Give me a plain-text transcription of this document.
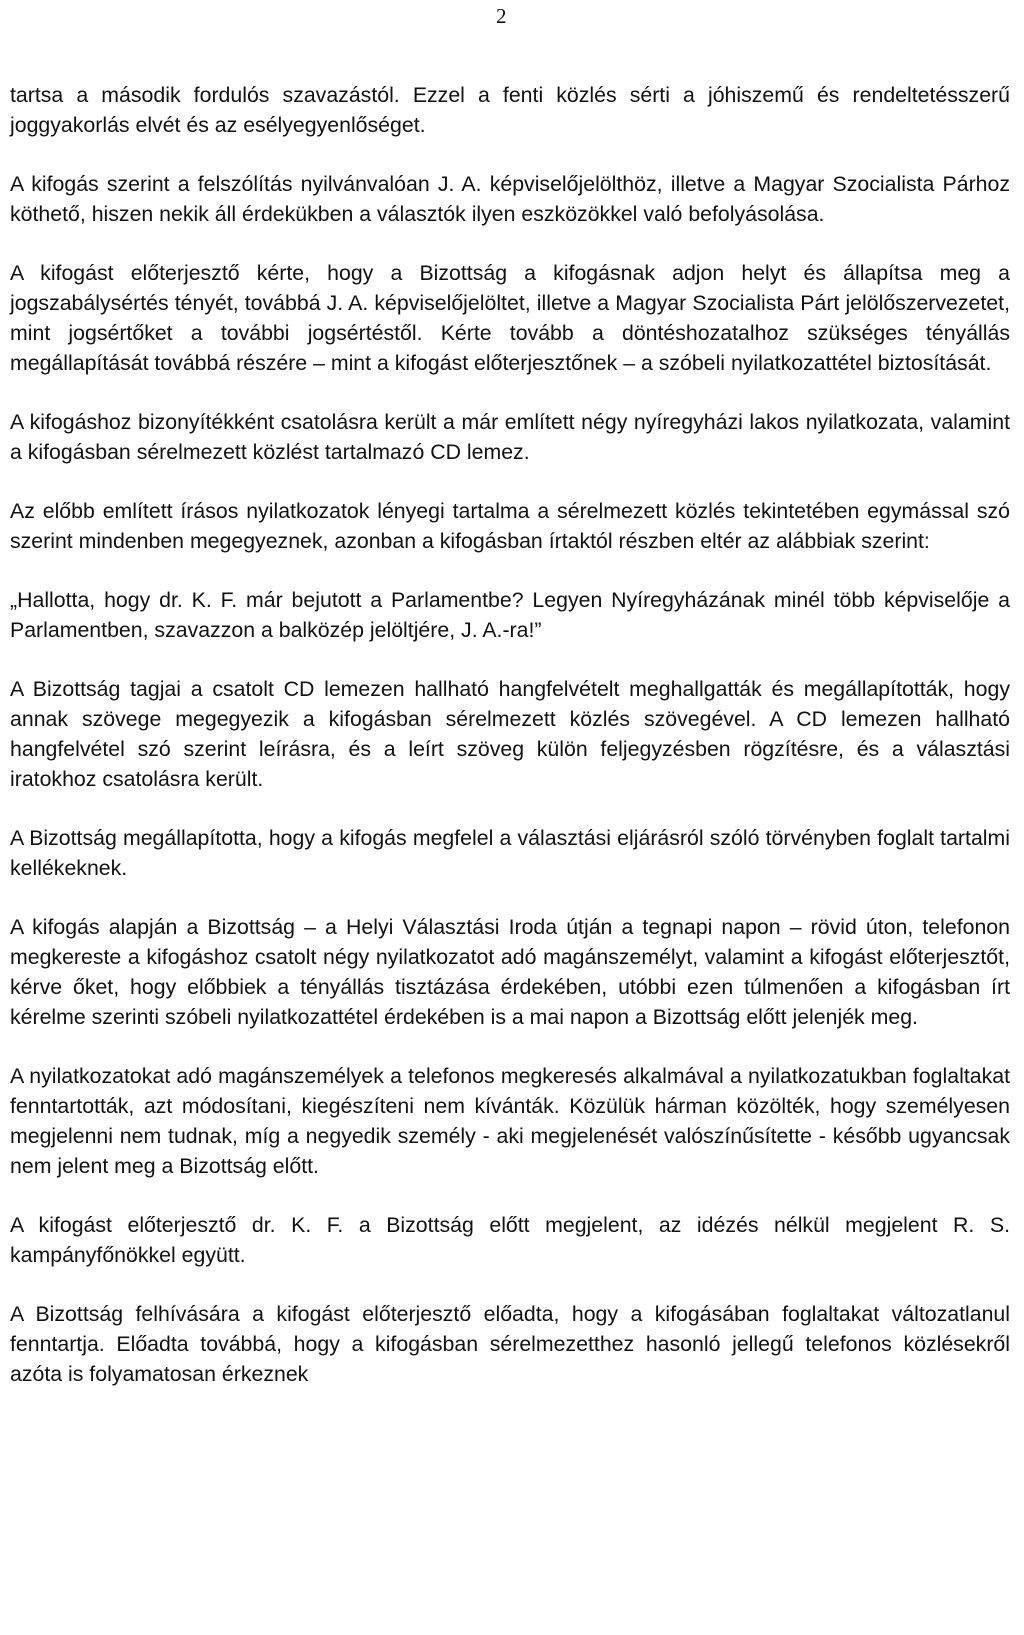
2

tartsa a második fordulós szavazástól. Ezzel a fenti közlés sérti a jóhiszemű és rendeltetésszerű joggyakorlás elvét és az esélyegyenlőséget.

A kifogás szerint a felszólítás nyilvánvalóan J. A. képviselőjelölthöz, illetve a Magyar Szocialista Párhoz köthető, hiszen nekik áll érdekükben a választók ilyen eszközökkel való befolyásolása.

A kifogást előterjesztő kérte, hogy a Bizottság a kifogásnak adjon helyt és állapítsa meg a jogszabálysértés tényét, továbbá J. A. képviselőjelöltet, illetve a Magyar Szocialista Párt jelölőszervezetet, mint jogsértőket a további jogsértéstől. Kérte tovább a döntéshozatalhoz szükséges tényállás megállapítását továbbá részére – mint a kifogást előterjesztőnek – a szóbeli nyilatkozattétel biztosítását.

A kifogáshoz bizonyítékként csatolásra került a már említett négy nyíregyházi lakos nyilatkozata, valamint a kifogásban sérelmezett közlést tartalmazó CD lemez.

Az előbb említett írásos nyilatkozatok lényegi tartalma a sérelmezett közlés tekintetében egymással szó szerint mindenben megegyeznek, azonban a kifogásban írtaktól részben eltér az alábbiak szerint:

„Hallotta, hogy dr. K. F. már bejutott a Parlamentbe? Legyen Nyíregyházának minél több képviselője a Parlamentben, szavazzon a balközép jelöltjére, J. A.-ra!”

A Bizottság tagjai a csatolt CD lemezen hallható hangfelvételt meghallgatták és megállapították, hogy annak szövege megegyezik a kifogásban sérelmezett közlés szövegével. A CD lemezen hallható hangfelvétel szó szerint leírásra, és a leírt szöveg külön feljegyzésben rögzítésre, és a választási iratokhoz csatolásra került.

A Bizottság megállapította, hogy a kifogás megfelel a választási eljárásról szóló törvényben foglalt tartalmi kellékeknek.

A kifogás alapján a Bizottság – a Helyi Választási Iroda útján a tegnapi napon – rövid úton, telefonon megkereste a kifogáshoz csatolt négy nyilatkozatot adó magánszemélyt, valamint a kifogást előterjesztőt, kérve őket, hogy előbbiek a tényállás tisztázása érdekében, utóbbi ezen túlmenően a kifogásban írt kérelme szerinti szóbeli nyilatkozattétel érdekében is a mai napon a Bizottság előtt jelenjék meg.

A nyilatkozatokat adó magánszemélyek a telefonos megkeresés alkalmával a nyilatkozatukban foglaltakat fenntartották, azt módosítani, kiegészíteni nem kívánták. Közülük hárman közölték, hogy személyesen megjelenni nem tudnak, míg a negyedik személy - aki megjelenését valószínűsítette - később ugyancsak nem jelent meg a Bizottság előtt.

A kifogást előterjesztő dr. K. F. a Bizottság előtt megjelent, az idézés nélkül megjelent R. S. kampányfőnökkel együtt.

A Bizottság felhívására a kifogást előterjesztő előadta, hogy a kifogásában foglaltakat változatlanul fenntartja. Előadta továbbá, hogy a kifogásban sérelmezetthez hasonló jellegű telefonos közlésekről azóta is folyamatosan érkeznek
